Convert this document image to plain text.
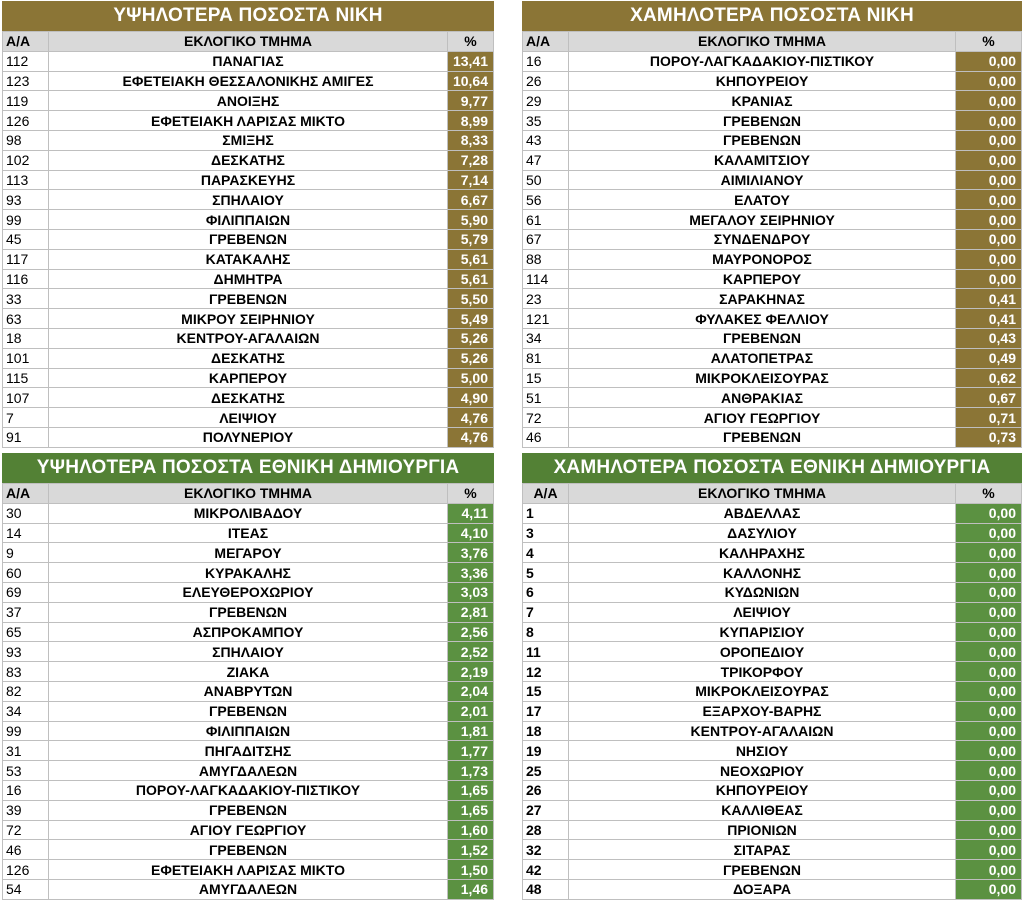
ΥΨΗΛΟΤΕΡΑ ΠΟΣΟΣΤΑ ΝΙΚΗ
Α/Α	ΕΚΛΟΓΙΚΟ ΤΜΗΜΑ	%
112	ΠΑΝΑΓΙΑΣ	13,41
123	ΕΦΕΤΕΙΑΚΗ ΘΕΣΣΑΛΟΝΙΚΗΣ ΑΜΙΓΕΣ	10,64
119	ΑΝΟΙΞΗΣ	9,77
126	ΕΦΕΤΕΙΑΚΗ ΛΑΡΙΣΑΣ ΜΙΚΤΟ	8,99
98	ΣΜΙΞΗΣ	8,33
102	ΔΕΣΚΑΤΗΣ	7,28
113	ΠΑΡΑΣΚΕΥΗΣ	7,14
93	ΣΠΗΛΑΙΟΥ	6,67
99	ΦΙΛΙΠΠΑΙΩΝ	5,90
45	ΓΡΕΒΕΝΩΝ	5,79
117	ΚΑΤΑΚΑΛΗΣ	5,61
116	ΔΗΜΗΤΡΑ	5,61
33	ΓΡΕΒΕΝΩΝ	5,50
63	ΜΙΚΡΟΥ ΣΕΙΡΗΝΙΟΥ	5,49
18	ΚΕΝΤΡΟΥ-ΑΓΑΛΑΙΩΝ	5,26
101	ΔΕΣΚΑΤΗΣ	5,26
115	ΚΑΡΠΕΡΟΥ	5,00
107	ΔΕΣΚΑΤΗΣ	4,90
7	ΛΕΙΨΙΟΥ	4,76
91	ΠΟΛΥΝΕΡΙΟΥ	4,76
ΧΑΜΗΛΟΤΕΡΑ ΠΟΣΟΣΤΑ ΝΙΚΗ
Α/Α	ΕΚΛΟΓΙΚΟ ΤΜΗΜΑ	%
16	ΠΟΡΟΥ-ΛΑΓΚΑΔΑΚΙΟΥ-ΠΙΣΤΙΚΟΥ	0,00
26	ΚΗΠΟΥΡΕΙΟΥ	0,00
29	ΚΡΑΝΙΑΣ	0,00
35	ΓΡΕΒΕΝΩΝ	0,00
43	ΓΡΕΒΕΝΩΝ	0,00
47	ΚΑΛΑΜΙΤΣΙΟΥ	0,00
50	ΑΙΜΙΛΙΑΝΟΥ	0,00
56	ΕΛΑΤΟΥ	0,00
61	ΜΕΓΑΛΟΥ ΣΕΙΡΗΝΙΟΥ	0,00
67	ΣΥΝΔΕΝΔΡΟΥ	0,00
88	ΜΑΥΡΟΝΟΡΟΣ	0,00
114	ΚΑΡΠΕΡΟΥ	0,00
23	ΣΑΡΑΚΗΝΑΣ	0,41
121	ΦΥΛΑΚΕΣ ΦΕΛΛΙΟΥ	0,41
34	ΓΡΕΒΕΝΩΝ	0,43
81	ΑΛΑΤΟΠΕΤΡΑΣ	0,49
15	ΜΙΚΡΟΚΛΕΙΣΟΥΡΑΣ	0,62
51	ΑΝΘΡΑΚΙΑΣ	0,67
72	ΑΓΙΟΥ ΓΕΩΡΓΙΟΥ	0,71
46	ΓΡΕΒΕΝΩΝ	0,73
ΥΨΗΛΟΤΕΡΑ ΠΟΣΟΣΤΑ ΕΘΝΙΚΗ ΔΗΜΙΟΥΡΓΙΑ
Α/Α	ΕΚΛΟΓΙΚΟ ΤΜΗΜΑ	%
30	ΜΙΚΡΟΛΙΒΑΔΟΥ	4,11
14	ΙΤΕΑΣ	4,10
9	ΜΕΓΑΡΟΥ	3,76
60	ΚΥΡΑΚΑΛΗΣ	3,36
69	ΕΛΕΥΘΕΡΟΧΩΡΙΟΥ	3,03
37	ΓΡΕΒΕΝΩΝ	2,81
65	ΑΣΠΡΟΚΑΜΠΟΥ	2,56
93	ΣΠΗΛΑΙΟΥ	2,52
83	ΖΙΑΚΑ	2,19
82	ΑΝΑΒΡΥΤΩΝ	2,04
34	ΓΡΕΒΕΝΩΝ	2,01
99	ΦΙΛΙΠΠΑΙΩΝ	1,81
31	ΠΗΓΑΔΙΤΣΗΣ	1,77
53	ΑΜΥΓΔΑΛΕΩΝ	1,73
16	ΠΟΡΟΥ-ΛΑΓΚΑΔΑΚΙΟΥ-ΠΙΣΤΙΚΟΥ	1,65
39	ΓΡΕΒΕΝΩΝ	1,65
72	ΑΓΙΟΥ ΓΕΩΡΓΙΟΥ	1,60
46	ΓΡΕΒΕΝΩΝ	1,52
126	ΕΦΕΤΕΙΑΚΗ ΛΑΡΙΣΑΣ ΜΙΚΤΟ	1,50
54	ΑΜΥΓΔΑΛΕΩΝ	1,46
ΧΑΜΗΛΟΤΕΡΑ ΠΟΣΟΣΤΑ ΕΘΝΙΚΗ ΔΗΜΙΟΥΡΓΙΑ
Α/Α	ΕΚΛΟΓΙΚΟ ΤΜΗΜΑ	%
1	ΑΒΔΕΛΛΑΣ	0,00
3	ΔΑΣΥΛΙΟΥ	0,00
4	ΚΑΛΗΡΑΧΗΣ	0,00
5	ΚΑΛΛΟΝΗΣ	0,00
6	ΚΥΔΩΝΙΩΝ	0,00
7	ΛΕΙΨΙΟΥ	0,00
8	ΚΥΠΑΡΙΣΙΟΥ	0,00
11	ΟΡΟΠΕΔΙΟΥ	0,00
12	ΤΡΙΚΟΡΦΟΥ	0,00
15	ΜΙΚΡΟΚΛΕΙΣΟΥΡΑΣ	0,00
17	ΕΞΑΡΧΟΥ-ΒΑΡΗΣ	0,00
18	ΚΕΝΤΡΟΥ-ΑΓΑΛΑΙΩΝ	0,00
19	ΝΗΣΙΟΥ	0,00
25	ΝΕΟΧΩΡΙΟΥ	0,00
26	ΚΗΠΟΥΡΕΙΟΥ	0,00
27	ΚΑΛΛΙΘΕΑΣ	0,00
28	ΠΡΙΟΝΙΩΝ	0,00
32	ΣΙΤΑΡΑΣ	0,00
42	ΓΡΕΒΕΝΩΝ	0,00
48	ΔΟΞΑΡΑ	0,00
